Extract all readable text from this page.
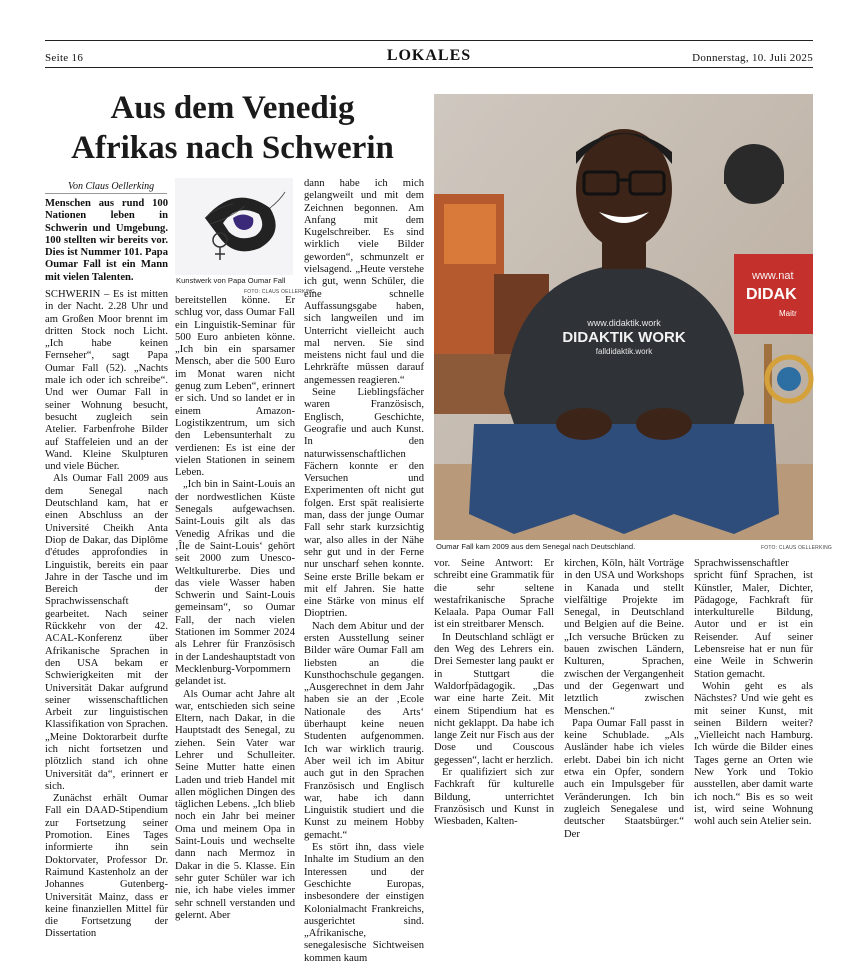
Seite 16	LOKALES	Donnerstag, 10. Juli 2025
Aus dem Venedig
Afrikas nach Schwerin
Von Claus Oellerking
Menschen aus rund 100 Nationen leben in Schwerin und Umgebung. 100 stellten wir bereits vor. Dies ist Nummer 101. Papa Oumar Fall ist ein Mann mit vielen Talenten.	Kunstwerk von Papa Oumar Fall
FOTO: CLAUS OELLERKING
www.didaktik.work
DIDAKTIK WORK
falldidaktik.work
www.nat
DIDAK
Maitr
Oumar Fall kam 2009 aus dem Senegal nach Deutschland.	FOTO: CLAUS OELLERKING

SCHWERIN – Es ist mitten in der Nacht. 2.28 Uhr und am Großen Moor brennt im dritten Stock noch Licht. „Ich habe keinen Fernseher“, sagt Papa Oumar Fall (52). „Nachts male ich oder ich schreibe“. Und wer Oumar Fall in seiner Wohnung besucht, besucht zugleich sein Atelier. Farbenfrohe Bilder auf Staffeleien und an der Wand. Kleine Skulpturen und viele Bücher.

Als Oumar Fall 2009 aus dem Senegal nach Deutschland kam, hat er einen Abschluss an der Université Cheikh Anta Diop de Dakar, das Diplôme d'études approfondies in Linguistik, bereits ein paar Jahre in der Tasche und im Bereich der Sprachwissenschaft gearbeitet. Nach seiner Rückkehr von der 42. ACAL-Konferenz über Afrikanische Sprachen in den USA bekam er Schwierigkeiten mit der Universität Dakar aufgrund seiner wissenschaftlichen Arbeit zur linguistischen Klassifikation von Sprachen. „Meine Doktorarbeit durfte ich nicht fortsetzen und plötzlich stand ich ohne Universität da“, erinnert er sich.

Zunächst erhält Oumar Fall ein DAAD-Stipendium zur Fortsetzung seiner Promotion. Eines Tages informierte ihn sein Doktorvater, Professor Dr. Raimund Kastenholz an der Johannes Gutenberg-Universität Mainz, dass er keine finanziellen Mittel für die Fortsetzung der Dissertation

bereitstellen könne. Er schlug vor, dass Oumar Fall ein Linguistik-Seminar für 500 Euro anbieten könne. „Ich bin ein sparsamer Mensch, aber die 500 Euro im Monat waren nicht genug zum Leben“, erinnert er sich. Und so landet er in einem Amazon-Logistikzentrum, um sich den Lebensunterhalt zu verdienen: Es ist eine der vielen Stationen in seinem Leben.

„Ich bin in Saint-Louis an der nordwestlichen Küste Senegals aufgewachsen. Saint-Louis gilt als das Venedig Afrikas und die ‚Île de Saint-Louis‘ gehört seit 2000 zum Unesco-Weltkulturerbe. Dies und das viele Wasser haben Schwerin und Saint-Louis gemeinsam“, so Oumar Fall, der nach vielen Stationen im Sommer 2024 als Lehrer für Französisch in der Landeshauptstadt von Mecklenburg-Vorpommern gelandet ist.

Als Oumar acht Jahre alt war, entschieden sich seine Eltern, nach Dakar, in die Hauptstadt des Senegal, zu ziehen. Sein Vater war Lehrer und Schulleiter. Seine Mutter hatte einen Laden und trieb Handel mit allen möglichen Dingen des täglichen Lebens. „Ich blieb noch ein Jahr bei meiner Oma und meinem Opa in Saint-Louis und wechselte dann nach Mermoz in Dakar in die 5. Klasse. Ein sehr guter Schüler war ich nie, ich habe vieles immer sehr schnell verstanden und gelernt. Aber

dann habe ich mich gelangweilt und mit dem Zeichnen begonnen. Am Anfang mit dem Kugelschreiber. Es sind wirklich viele Bilder geworden“, schmunzelt er vielsagend. „Heute verstehe ich gut, wenn Schüler, die eine schnelle Auffassungsgabe haben, sich langweilen und im Unterricht vielleicht auch mal nerven. Sie sind meistens nicht faul und die Lehrkräfte müssen darauf angemessen reagieren.“

Seine Lieblingsfächer waren Französisch, Englisch, Geschichte, Geografie und auch Kunst. In den naturwissenschaftlichen Fächern konnte er den Versuchen und Experimenten oft nicht gut folgen. Erst spät realisierte man, dass der junge Oumar Fall sehr stark kurzsichtig war, also alles in der Nähe sehr gut und in der Ferne nur unscharf sehen konnte. Seine erste Brille bekam er mit elf Jahren. Sie hatte eine Stärke von minus elf Dioptrien.

Nach dem Abitur und der ersten Ausstellung seiner Bilder wäre Oumar Fall am liebsten an die Kunsthochschule gegangen. „Ausgerechnet in dem Jahr haben sie an der ‚Ecole Nationale des Arts‘ überhaupt keine neuen Studenten aufgenommen. Ich war wirklich traurig. Aber weil ich im Abitur auch gut in den Sprachen Französisch und Englisch war, habe ich dann Linguistik studiert und die Kunst zu meinem Hobby gemacht.“

Es stört ihn, dass viele Inhalte im Studium an den Interessen und der Geschichte Europas, insbesondere der einstigen Kolonialmacht Frankreichs, ausgerichtet sind. „Afrikanische, senegalesische Sichtweisen kommen kaum

vor. Seine Antwort: Er schreibt eine Grammatik für die sehr seltene westafrikanische Sprache Kelaala. Papa Oumar Fall ist ein streitbarer Mensch.

In Deutschland schlägt er den Weg des Lehrers ein. Drei Semester lang paukt er in Stuttgart die Waldorfpädagogik. „Das war eine harte Zeit. Mit einem Stipendium hat es nicht geklappt. Da habe ich lange Zeit nur Fisch aus der Dose und Couscous gegessen“, lacht er herzlich.

Er qualifiziert sich zur Fachkraft für kulturelle Bildung, unterrichtet Französisch und Kunst in Wiesbaden, Kalten-

kirchen, Köln, hält Vorträge in den USA und Workshops in Kanada und stellt vielfältige Projekte im Senegal, in Deutschland und Belgien auf die Beine. „Ich versuche Brücken zu bauen zwischen Ländern, Kulturen, Sprachen, zwischen der Vergangenheit und der Gegenwart und letztlich zwischen Menschen.“

Papa Oumar Fall passt in keine Schublade. „Als Ausländer habe ich vieles erlebt. Dabei bin ich nicht etwa ein Opfer, sondern auch ein Impulsgeber für Veränderungen. Ich bin zugleich Senegalese und deutscher Staatsbürger.“ Der

Sprachwissenschaftler spricht fünf Sprachen, ist Künstler, Maler, Dichter, Pädagoge, Fachkraft für interkulturelle Bildung, Autor und er ist ein Reisender. Auf seiner Lebensreise hat er nun für eine Weile in Schwerin Station gemacht.

Wohin geht es als Nächstes? Und wie geht es mit seiner Kunst, mit seinen Bildern weiter? „Vielleicht nach Hamburg. Ich würde die Bilder eines Tages gerne an Orten wie New York und Tokio ausstellen, aber damit warte ich noch.“ Bis es so weit ist, wird seine Wohnung wohl auch sein Atelier sein.
